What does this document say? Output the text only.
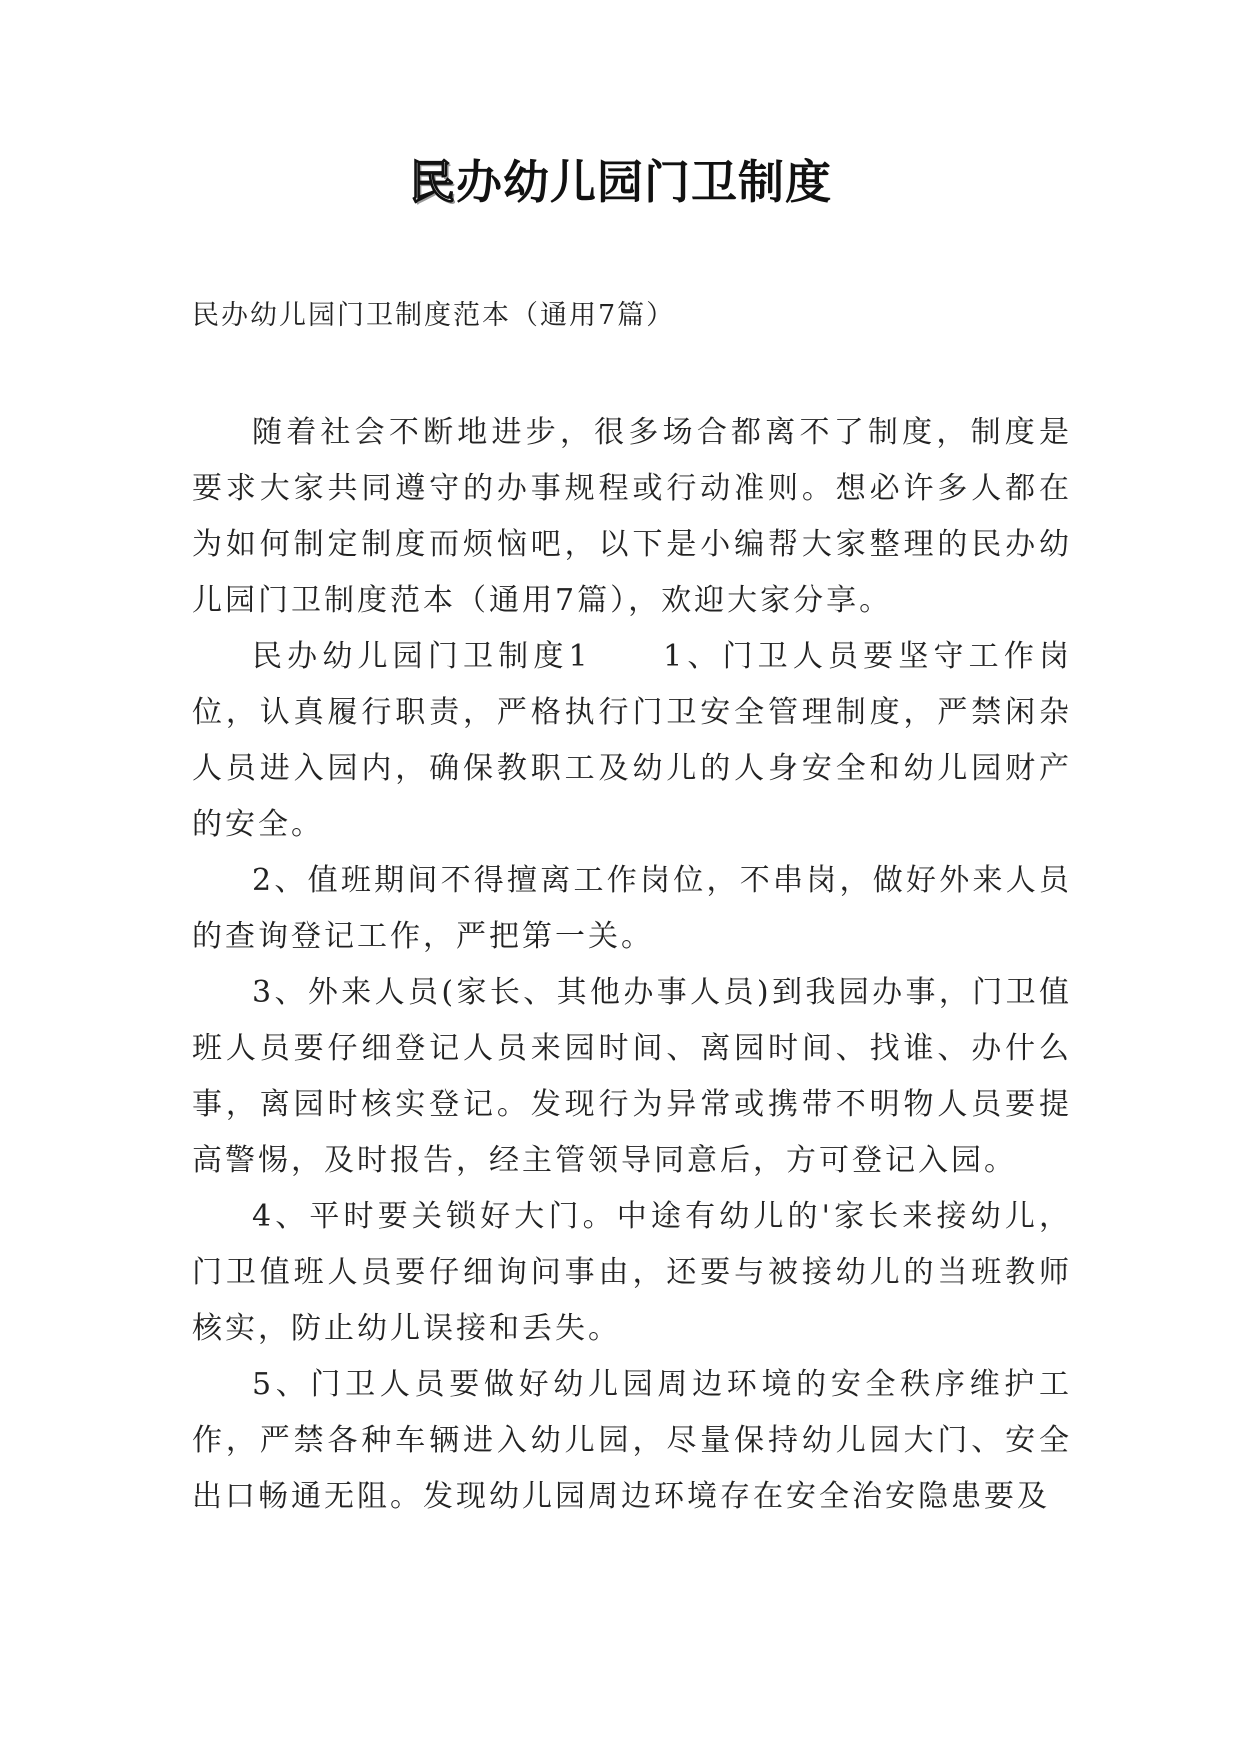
民办幼儿园门卫制度

民办幼儿园门卫制度范本（通用7篇）

随着社会不断地进步，很多场合都离不了制度，制度是要求大家共同遵守的办事规程或行动准则。想必许多人都在为如何制定制度而烦恼吧，以下是小编帮大家整理的民办幼儿园门卫制度范本（通用7篇），欢迎大家分享。

民办幼儿园门卫制度1　　1、门卫人员要坚守工作岗位，认真履行职责，严格执行门卫安全管理制度，严禁闲杂人员进入园内，确保教职工及幼儿的人身安全和幼儿园财产的安全。

2、值班期间不得擅离工作岗位，不串岗，做好外来人员的查询登记工作，严把第一关。

3、外来人员(家长、其他办事人员)到我园办事，门卫值班人员要仔细登记人员来园时间、离园时间、找谁、办什么事，离园时核实登记。发现行为异常或携带不明物人员要提高警惕，及时报告，经主管领导同意后，方可登记入园。

4、平时要关锁好大门。中途有幼儿的'家长来接幼儿，门卫值班人员要仔细询问事由，还要与被接幼儿的当班教师核实，防止幼儿误接和丢失。

5、门卫人员要做好幼儿园周边环境的安全秩序维护工作，严禁各种车辆进入幼儿园，尽量保持幼儿园大门、安全出口畅通无阻。发现幼儿园周边环境存在安全治安隐患要及
